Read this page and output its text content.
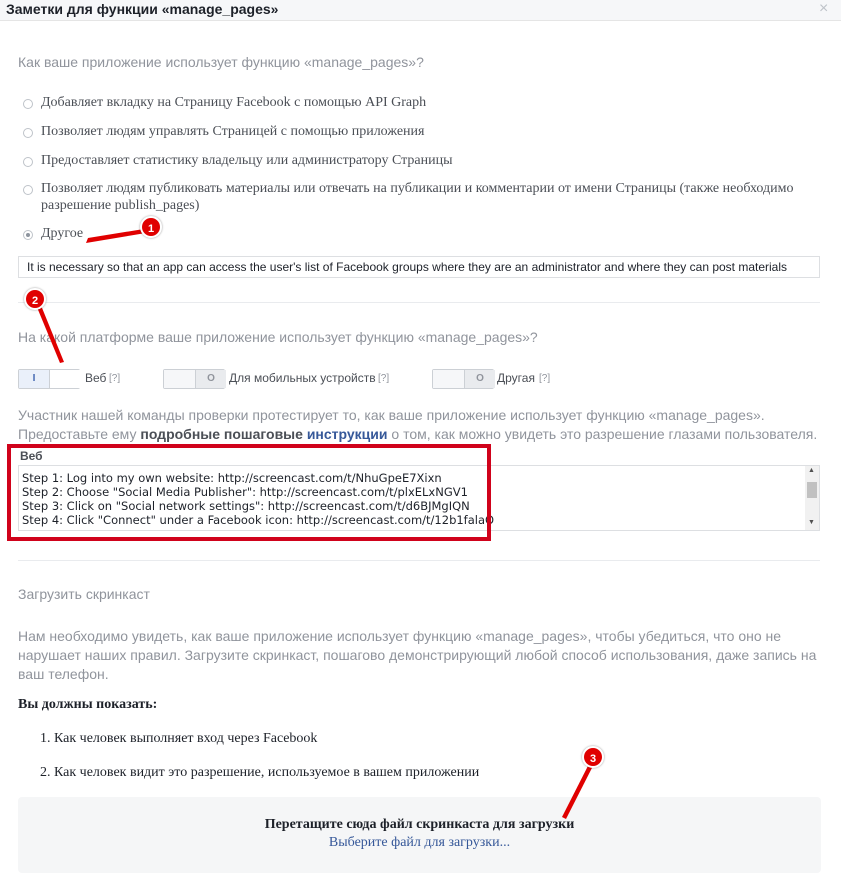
Заметки для функции «manage_pages»	×
Как ваше приложение использует функцию «manage_pages»?
Добавляет вкладку на Страницу Facebook с помощью API Graph
Позволяет людям управлять Страницей с помощью приложения
Предоставляет статистику владельцу или администратору Страницы
Позволяет людям публиковать материалы или отвечать на публикации и комментарии от имени Страницы (также необходимо
разрешение publish_pages)
Другое
It is necessary so that an app can access the user's list of Facebook groups where they are an administrator and where they can post materials
На какой платформе ваше приложение использует функцию «manage_pages»?
I	Веб [?]	O	Для мобильных устройств [?]	O	Другая [?]
Участник нашей команды проверки протестирует то, как ваше приложение использует функцию «manage_pages».
Предоставьте ему подробные пошаговые инструкции о том, как можно увидеть это разрешение глазами пользователя.
Веб
Step 1: Log into my own website: http://screencast.com/t/NhuGpeE7Xixn
Step 2: Choose "Social Media Publisher": http://screencast.com/t/plxELxNGV1
Step 3: Click on "Social network settings": http://screencast.com/t/d6BJMgIQN
Step 4: Click "Connect" under a Facebook icon: http://screencast.com/t/12b1falaO
▲
▼
Загрузить скринкаст
Нам необходимо увидеть, как ваше приложение использует функцию «manage_pages», чтобы убедиться, что оно не
нарушает наших правил. Загрузите скринкаст, пошагово демонстрирующий любой способ использования, даже запись на
ваш телефон.
Вы должны показать:
1. Как человек выполняет вход через Facebook
2. Как человек видит это разрешение, используемое в вашем приложении
Перетащите сюда файл скринкаста для загрузки
Выберите файл для загрузки...
1
2
3
